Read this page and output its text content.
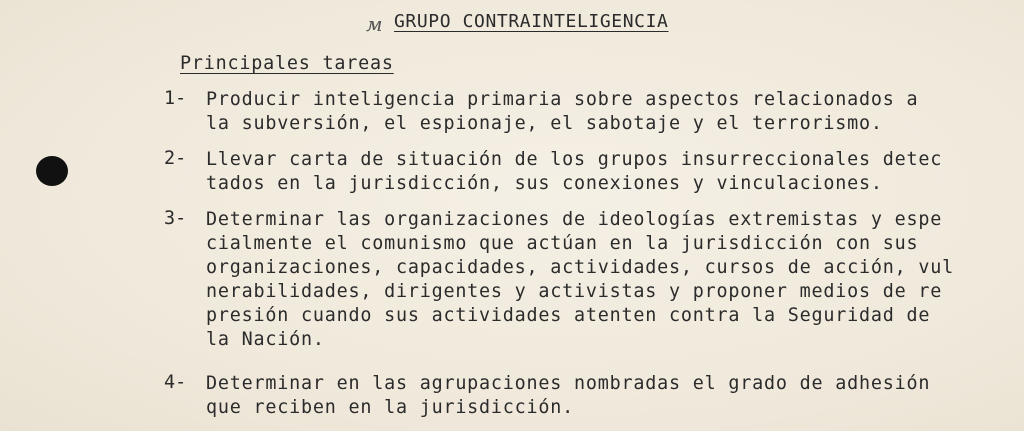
м GRUPO CONTRAINTELIGENCIA
Principales tareas
1- Producir inteligencia primaria sobre aspectos relacionados a
la subversión, el espionaje, el sabotaje y el terrorismo.
2- Llevar carta de situación de los grupos insurreccionales detec
tados en la jurisdicción, sus conexiones y vinculaciones.
3- Determinar las organizaciones de ideologías extremistas y espe
cialmente el comunismo que actúan en la jurisdicción con sus
organizaciones, capacidades, actividades, cursos de acción, vul
nerabilidades, dirigentes y activistas y proponer medios de re
presión cuando sus actividades atenten contra la Seguridad de
la Nación.
4- Determinar en las agrupaciones nombradas el grado de adhesión
que reciben en la jurisdicción.
